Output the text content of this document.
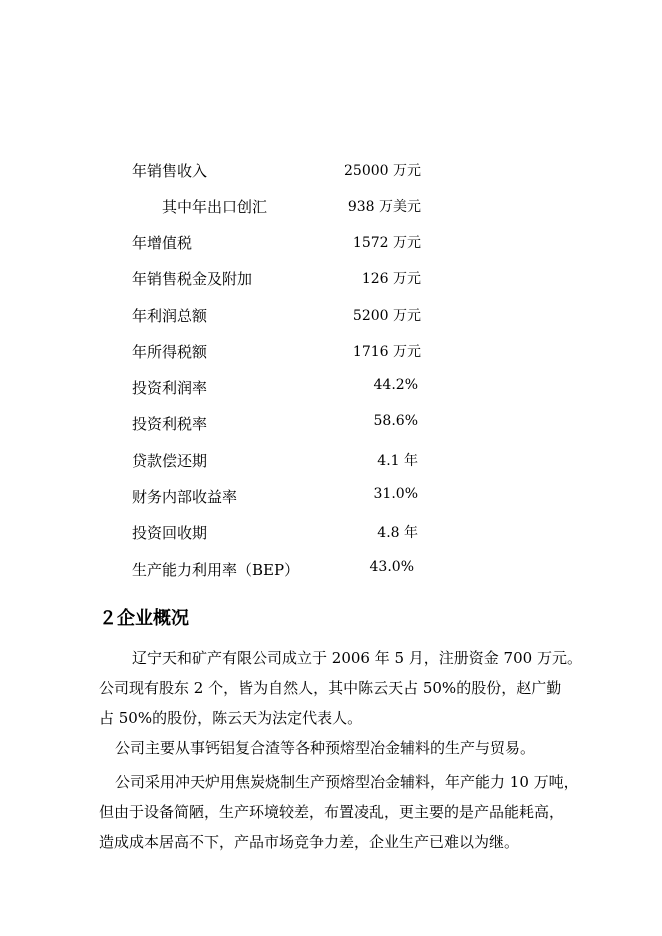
年销售收入	25000 万元
其中年出口创汇	938 万美元
年增值税	1572 万元
年销售税金及附加	126 万元
年利润总额	5200 万元
年所得税额	1716 万元
投资利润率	44.2%
投资利税率	58.6%
贷款偿还期	4.1 年
财务内部收益率	31.0%
投资回收期	4.8 年
生产能力利用率（BEP）	43.0%
２企业概况
辽宁天和矿产有限公司成立于 2006 年 5 月，注册资金 700 万元。
公司现有股东 2 个，皆为自然人，其中陈云天占 50%的股份，赵广勤
占 50%的股份，陈云天为法定代表人。
公司主要从事钙铝复合渣等各种预熔型冶金辅料的生产与贸易。
公司采用冲天炉用焦炭烧制生产预熔型冶金辅料，年产能力 10 万吨，
但由于设备简陋，生产环境较差，布置凌乱，更主要的是产品能耗高，
造成成本居高不下，产品市场竞争力差，企业生产已难以为继。
